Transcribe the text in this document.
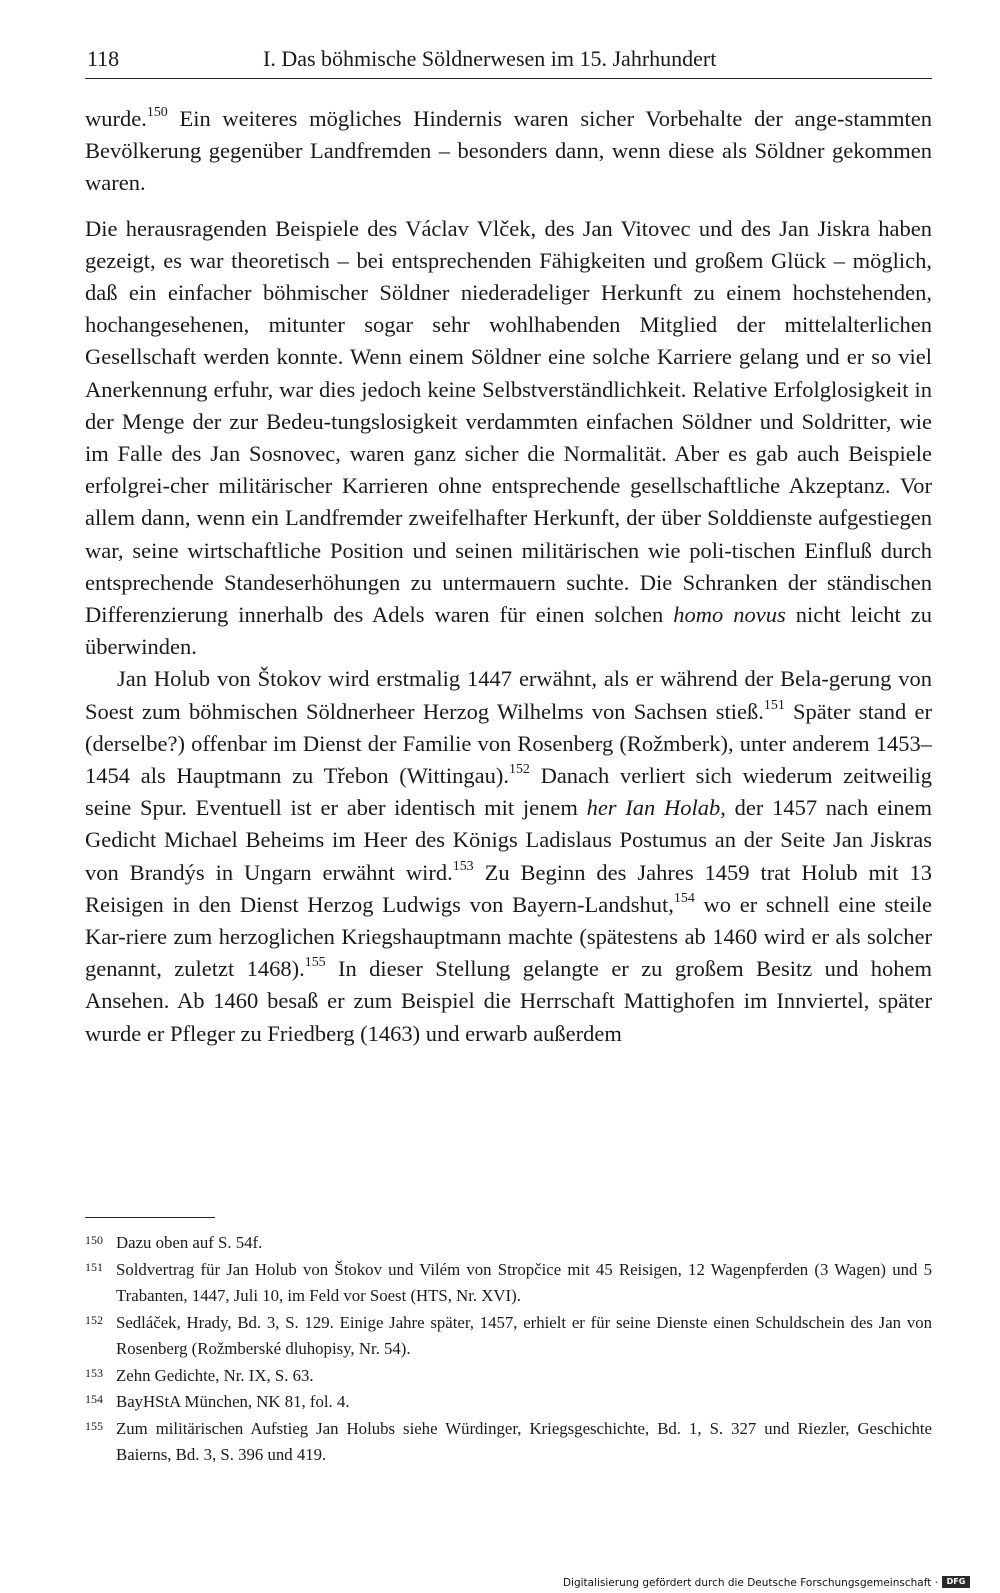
118	I. Das böhmische Söldnerwesen im 15. Jahrhundert

wurde.$^{150}$ Ein weiteres mögliches Hindernis waren sicher Vorbehalte der ange-stammten Bevölkerung gegenüber Landfremden – besonders dann, wenn diese als Söldner gekommen waren.

Die herausragenden Beispiele des Václav Vlček, des Jan Vitovec und des Jan Jiskra haben gezeigt, es war theoretisch – bei entsprechenden Fähigkeiten und großem Glück – möglich, daß ein einfacher böhmischer Söldner niederadeliger Herkunft zu einem hochstehenden, hochangesehenen, mitunter sogar sehr wohlhabenden Mitglied der mittelalterlichen Gesellschaft werden konnte. Wenn einem Söldner eine solche Karriere gelang und er so viel Anerkennung erfuhr, war dies jedoch keine Selbstverständlichkeit. Relative Erfolglosigkeit in der Menge der zur Bedeu-tungslosigkeit verdammten einfachen Söldner und Soldritter, wie im Falle des Jan Sosnovec, waren ganz sicher die Normalität. Aber es gab auch Beispiele erfolgrei-cher militärischer Karrieren ohne entsprechende gesellschaftliche Akzeptanz. Vor allem dann, wenn ein Landfremder zweifelhafter Herkunft, der über Solddienste aufgestiegen war, seine wirtschaftliche Position und seinen militärischen wie poli-tischen Einfluß durch entsprechende Standeserhöhungen zu untermauern suchte. Die Schranken der ständischen Differenzierung innerhalb des Adels waren für einen solchen homo novus nicht leicht zu überwinden.

Jan Holub von Štokov wird erstmalig 1447 erwähnt, als er während der Bela-gerung von Soest zum böhmischen Söldnerheer Herzog Wilhelms von Sachsen stieß.$^{151}$ Später stand er (derselbe?) offenbar im Dienst der Familie von Rosenberg (Rožmberk), unter anderem 1453–1454 als Hauptmann zu Třebon (Wittingau).$^{152}$ Danach verliert sich wiederum zeitweilig seine Spur. Eventuell ist er aber identisch mit jenem her Ian Holab, der 1457 nach einem Gedicht Michael Beheims im Heer des Königs Ladislaus Postumus an der Seite Jan Jiskras von Brandýs in Ungarn erwähnt wird.$^{153}$ Zu Beginn des Jahres 1459 trat Holub mit 13 Reisigen in den Dienst Herzog Ludwigs von Bayern-Landshut,$^{154}$ wo er schnell eine steile Kar-riere zum herzoglichen Kriegshauptmann machte (spätestens ab 1460 wird er als solcher genannt, zuletzt 1468).$^{155}$ In dieser Stellung gelangte er zu großem Besitz und hohem Ansehen. Ab 1460 besaß er zum Beispiel die Herrschaft Mattighofen im Innviertel, später wurde er Pfleger zu Friedberg (1463) und erwarb außerdem

150 Dazu oben auf S. 54f.

151 Soldvertrag für Jan Holub von Štokov und Vilém von Stropčice mit 45 Reisigen, 12 Wagenpferden (3 Wagen) und 5 Trabanten, 1447, Juli 10, im Feld vor Soest (HTS, Nr. XVI).

152 Sedláček, Hrady, Bd. 3, S. 129. Einige Jahre später, 1457, erhielt er für seine Dienste einen Schuldschein des Jan von Rosenberg (Rožmberské dluhopisy, Nr. 54).

153 Zehn Gedichte, Nr. IX, S. 63.

154 BayHStA München, NK 81, fol. 4.

155 Zum militärischen Aufstieg Jan Holubs siehe Würdinger, Kriegsgeschichte, Bd. 1, S. 327 und Riezler, Geschichte Baierns, Bd. 3, S. 396 und 419.

Digitalisierung gefördert durch die Deutsche Forschungsgemeinschaft ·	DFG
